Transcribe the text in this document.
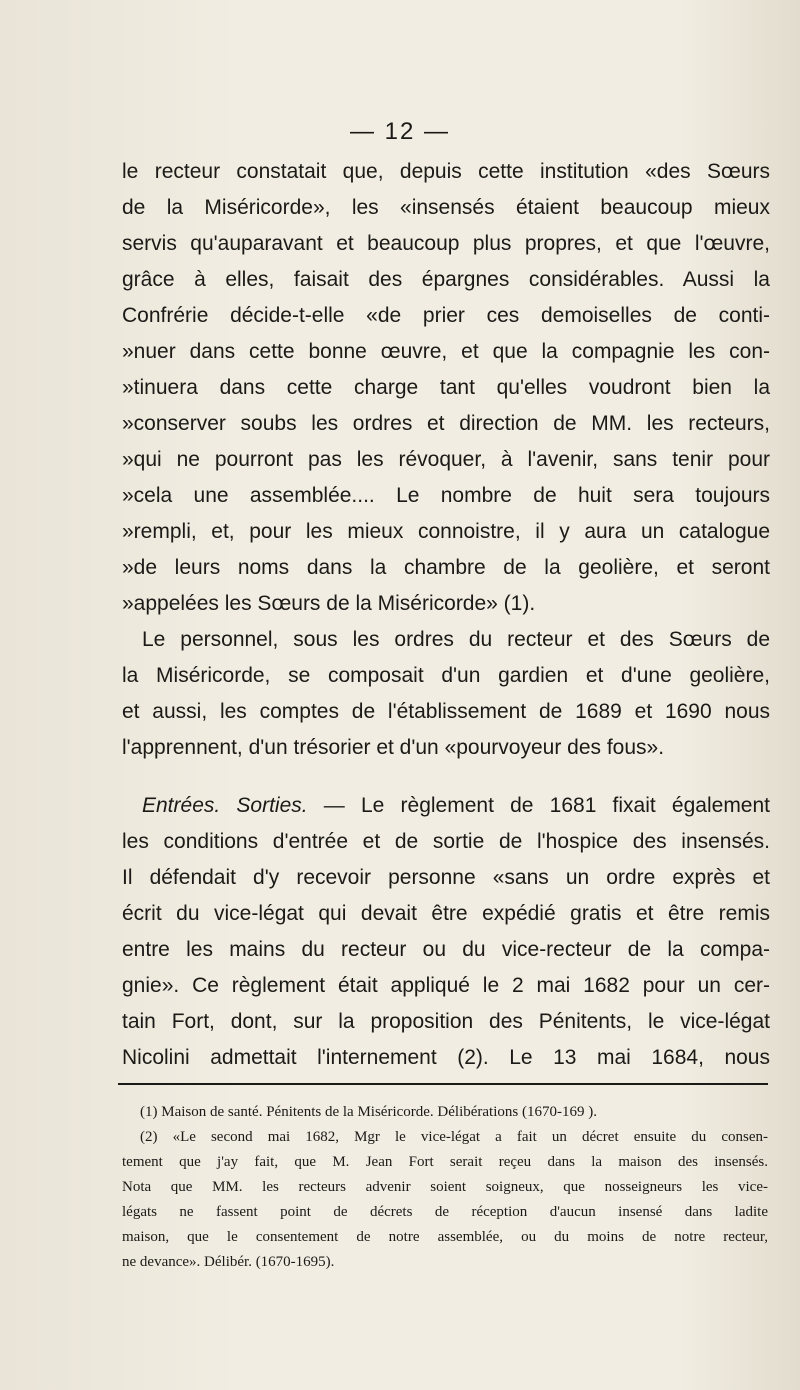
— 12 —
le recteur constatait que, depuis cette institution «des Sœurs
de la Miséricorde», les «insensés étaient beaucoup mieux
servis qu'auparavant et beaucoup plus propres, et que l'œuvre,
grâce à elles, faisait des épargnes considérables. Aussi la
Confrérie décide-t-elle «de prier ces demoiselles de conti-
»nuer dans cette bonne œuvre, et que la compagnie les con-
»tinuera dans cette charge tant qu'elles voudront bien la
»conserver soubs les ordres et direction de MM. les recteurs,
»qui ne pourront pas les révoquer, à l'avenir, sans tenir pour
»cela une assemblée.... Le nombre de huit sera toujours
»rempli, et, pour les mieux connoistre, il y aura un catalogue
»de leurs noms dans la chambre de la geolière, et seront
»appelées les Sœurs de la Miséricorde» (1).
Le personnel, sous les ordres du recteur et des Sœurs de
la Miséricorde, se composait d'un gardien et d'une geolière,
et aussi, les comptes de l'établissement de 1689 et 1690 nous
l'apprennent, d'un trésorier et d'un «pourvoyeur des fous».
Entrées. Sorties. — Le règlement de 1681 fixait également
les conditions d'entrée et de sortie de l'hospice des insensés.
Il défendait d'y recevoir personne «sans un ordre exprès et
écrit du vice-légat qui devait être expédié gratis et être remis
entre les mains du recteur ou du vice-recteur de la compa-
gnie». Ce règlement était appliqué le 2 mai 1682 pour un cer-
tain Fort, dont, sur la proposition des Pénitents, le vice-légat
Nicolini admettait l'internement (2). Le 13 mai 1684, nous
(1) Maison de santé. Pénitents de la Miséricorde. Délibérations (1670-169 ).
(2) «Le second mai 1682, Mgr le vice-légat a fait un décret ensuite du consen-
tement que j'ay fait, que M. Jean Fort serait reçeu dans la maison des insensés.
Nota que MM. les recteurs advenir soient soigneux, que nosseigneurs les vice-
légats ne fassent point de décrets de réception d'aucun insensé dans ladite
maison, que le consentement de notre assemblée, ou du moins de notre recteur,
ne devance». Délibér. (1670-1695).
